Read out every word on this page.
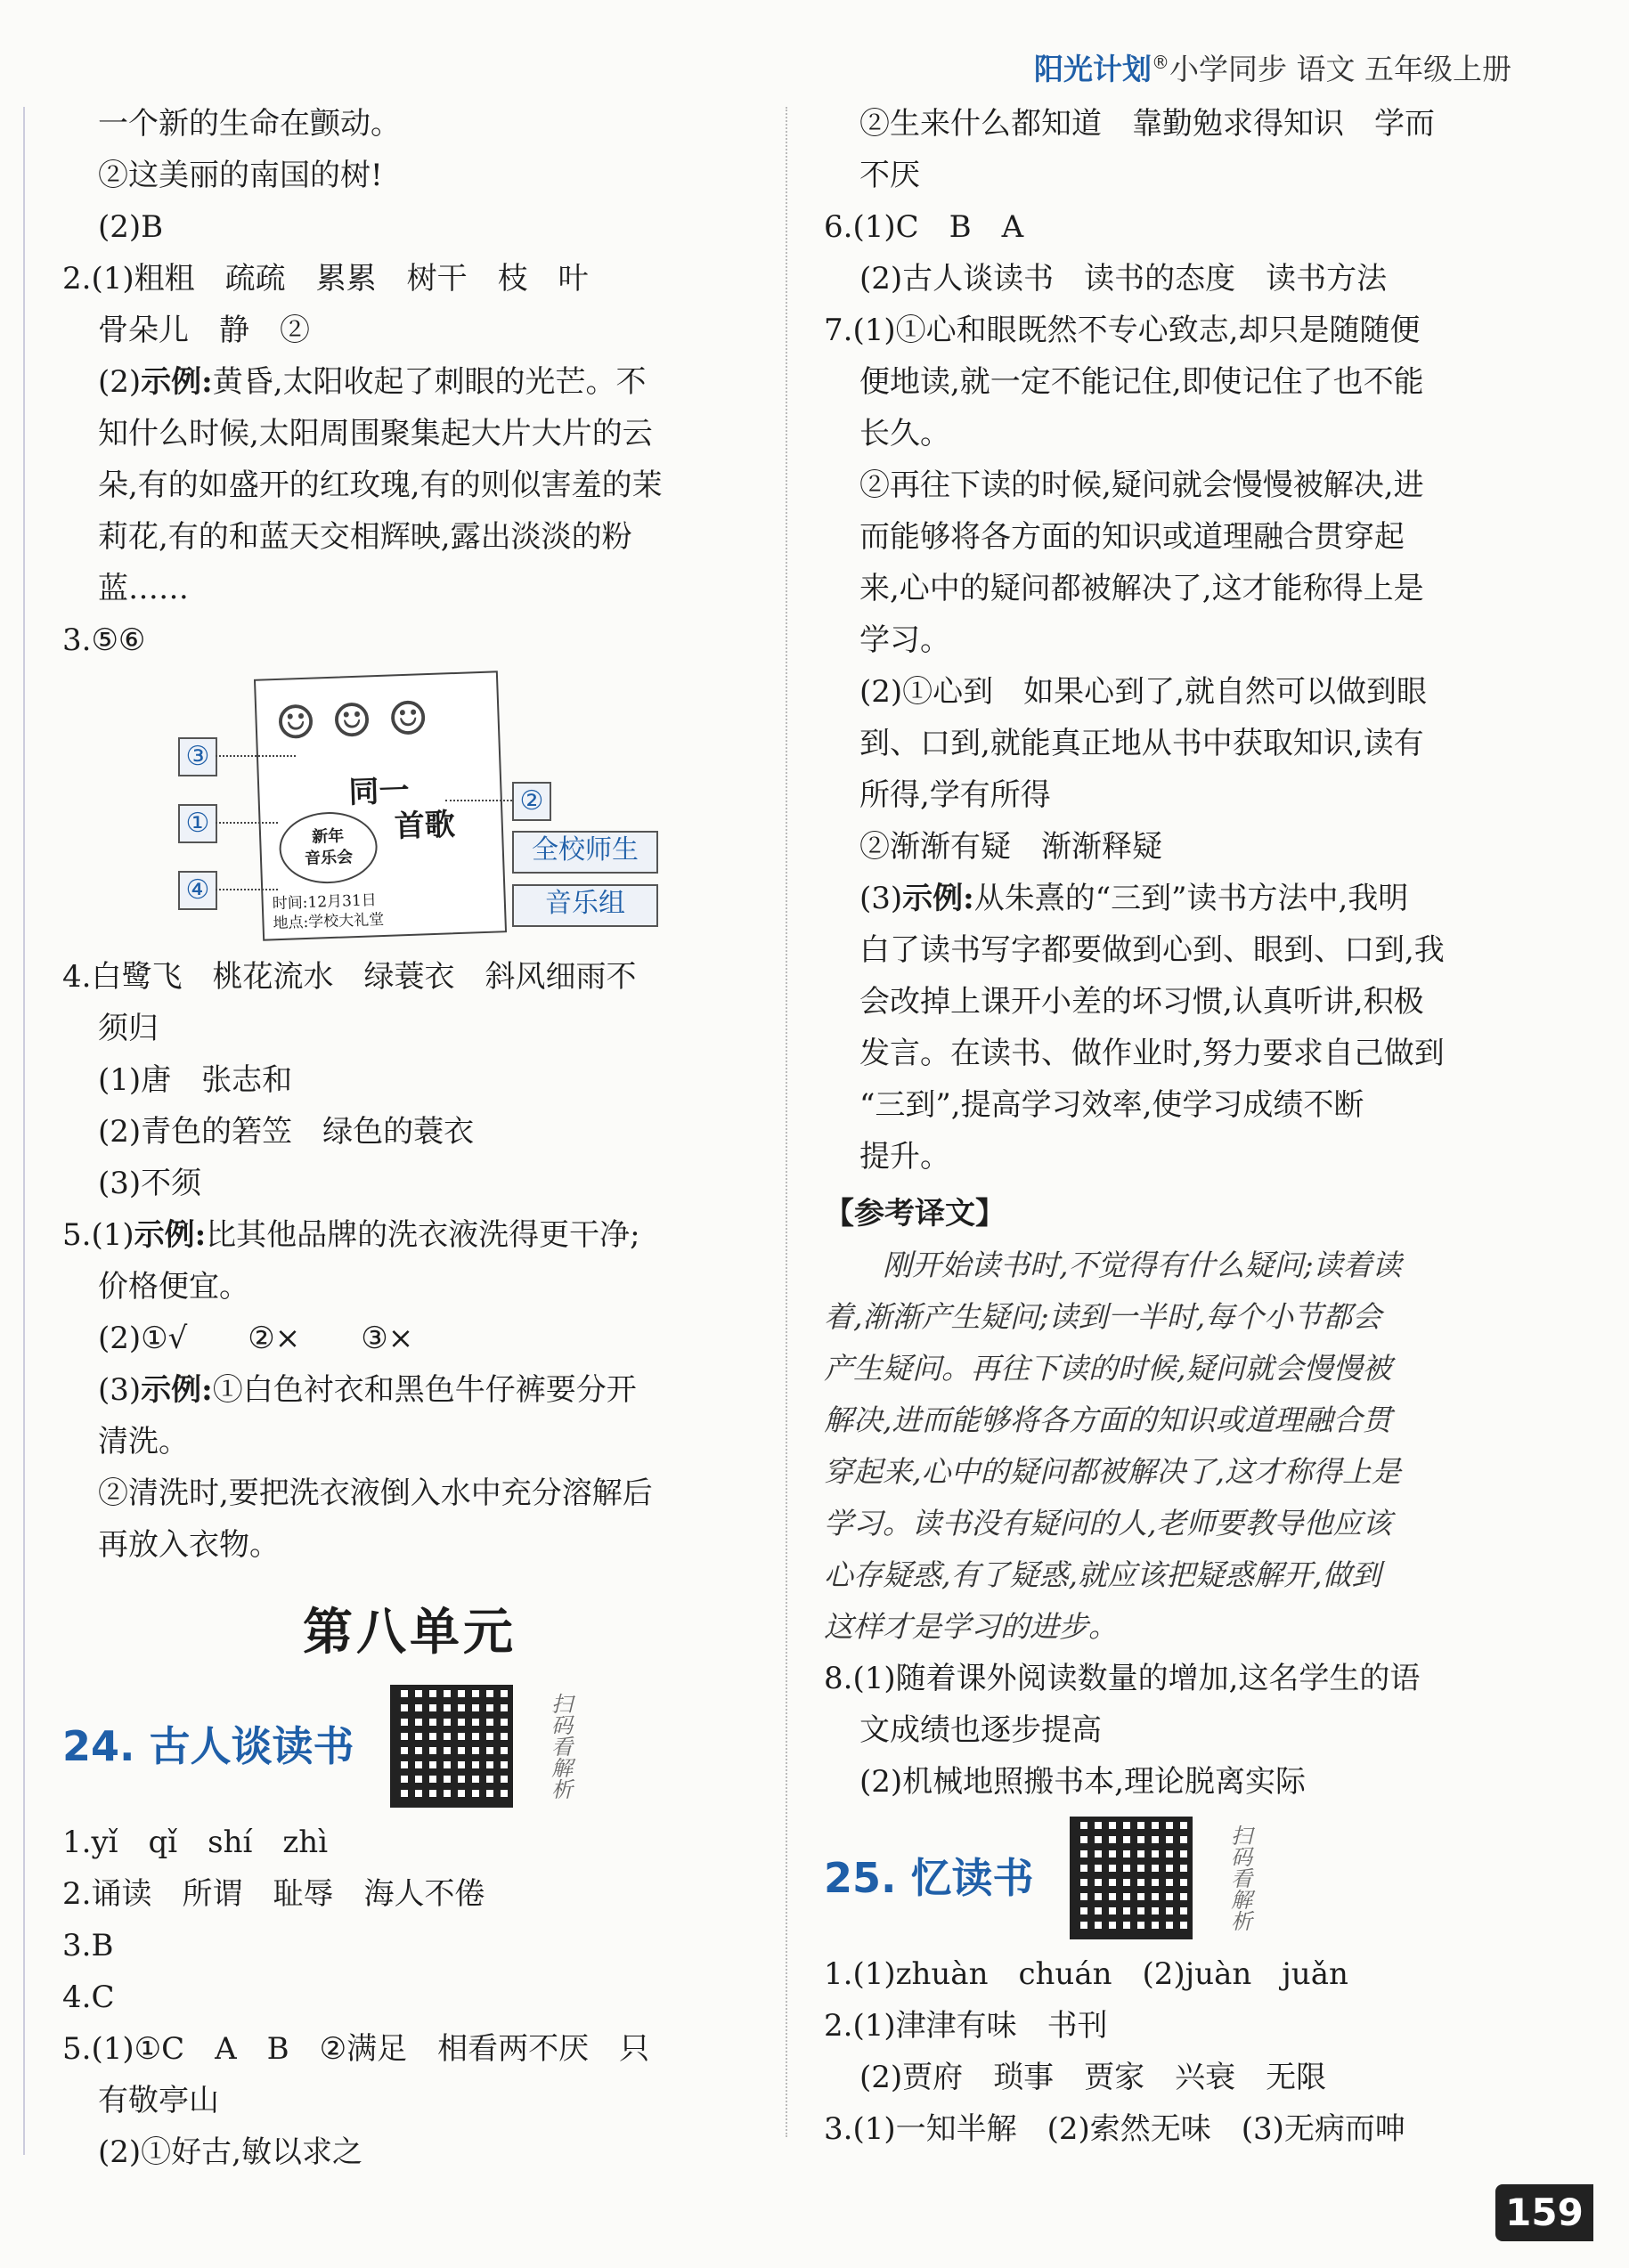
阳光计划®小学同步 语文 五年级上册
一个新的生命在颤动。
②这美丽的南国的树!
(2)B
2.(1)粗粗　疏疏　累累　树干　枝　叶
骨朵儿　静　②
(2)示例:黄昏,太阳收起了刺眼的光芒。不
知什么时候,太阳周围聚集起大片大片的云
朵,有的如盛开的红玫瑰,有的则似害羞的茉
莉花,有的和蓝天交相辉映,露出淡淡的粉
蓝……
3.⑤⑥
☺ ☺ ☺
同一
首歌
新年
音乐会
时间:12月31日
地点:学校大礼堂
③
①
④
②
全校师生
音乐组
4.白鹭飞　桃花流水　绿蓑衣　斜风细雨不
须归
(1)唐　张志和
(2)青色的箬笠　绿色的蓑衣
(3)不须
5.(1)示例:比其他品牌的洗衣液洗得更干净;
价格便宜。
(2)①√　　②×　　③×
(3)示例:①白色衬衣和黑色牛仔裤要分开
清洗。
②清洗时,要把洗衣液倒入水中充分溶解后
再放入衣物。
第八单元
24. 古人谈读书	扫码看解析
1.yǐ　qǐ　shí　zhì
2.诵读　所谓　耻辱　海人不倦
3.B
4.C
5.(1)①C　A　B　②满足　相看两不厌　只
有敬亭山
(2)①好古,敏以求之
②生来什么都知道　靠勤勉求得知识　学而
不厌
6.(1)C　B　A
(2)古人谈读书　读书的态度　读书方法
7.(1)①心和眼既然不专心致志,却只是随随便
便地读,就一定不能记住,即使记住了也不能
长久。
②再往下读的时候,疑问就会慢慢被解决,进
而能够将各方面的知识或道理融合贯穿起
来,心中的疑问都被解决了,这才能称得上是
学习。
(2)①心到　如果心到了,就自然可以做到眼
到、口到,就能真正地从书中获取知识,读有
所得,学有所得
②渐渐有疑　渐渐释疑
(3)示例:从朱熹的“三到”读书方法中,我明
白了读书写字都要做到心到、眼到、口到,我
会改掉上课开小差的坏习惯,认真听讲,积极
发言。在读书、做作业时,努力要求自己做到
“三到”,提高学习效率,使学习成绩不断
提升。
【参考译文】
　　刚开始读书时,不觉得有什么疑问;读着读
着,渐渐产生疑问;读到一半时,每个小节都会
产生疑问。再往下读的时候,疑问就会慢慢被
解决,进而能够将各方面的知识或道理融合贯
穿起来,心中的疑问都被解决了,这才称得上是
学习。读书没有疑问的人,老师要教导他应该
心存疑惑,有了疑惑,就应该把疑惑解开,做到
这样才是学习的进步。
8.(1)随着课外阅读数量的增加,这名学生的语
文成绩也逐步提高
(2)机械地照搬书本,理论脱离实际
25. 忆读书	扫码看解析
1.(1)zhuàn　chuán　(2)juàn　juǎn
2.(1)津津有味　书刊
(2)贾府　琐事　贾家　兴衰　无限
3.(1)一知半解　(2)索然无味　(3)无病而呻
159
